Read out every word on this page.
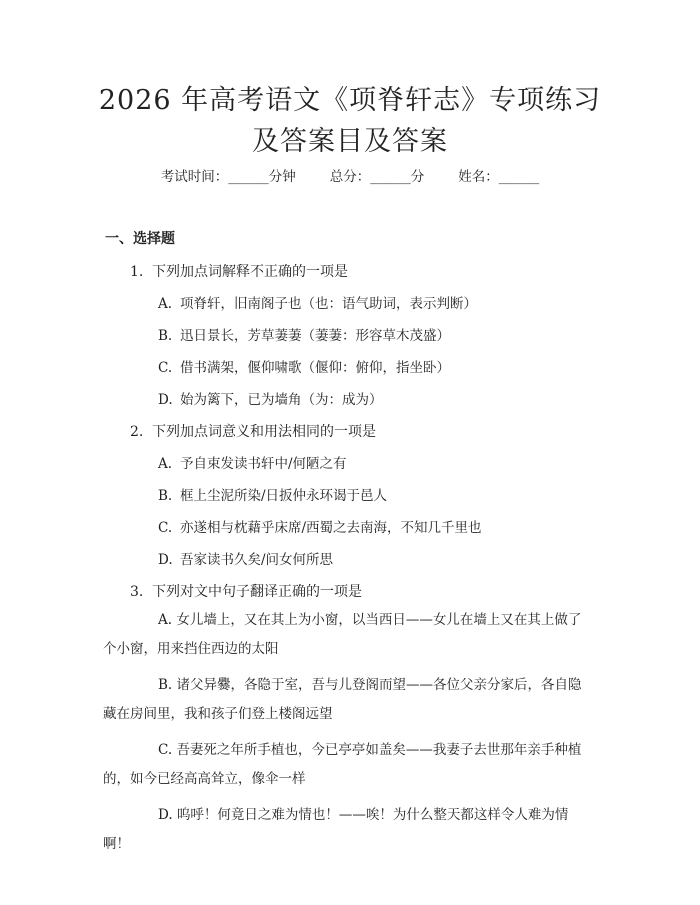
2026 年高考语文《项脊轩志》专项练习及答案目及答案
考试时间：______分钟	总分：______分	姓名：______
一、选择题
1. 下列加点词解释不正确的一项是
A. 项脊轩，旧南阁子也（也：语气助词，表示判断）
B. 迅日景长，芳草萋萋（萋萋：形容草木茂盛）
C. 借书满架，偃仰啸歌（偃仰：俯仰，指坐卧）
D. 始为篱下，已为墙角（为：成为）
2. 下列加点词意义和用法相同的一项是
A. 予自束发读书轩中/何陋之有
B. 框上尘泥所染/日扳仲永环谒于邑人
C. 亦遂相与枕藉乎床席/西蜀之去南海，不知几千里也
D. 吾家读书久矣/问女何所思
3. 下列对文中句子翻译正确的一项是

A. 女儿墙上，又在其上为小窗，以当西日——女儿在墙上又在其上做了个小窗，用来挡住西边的太阳

B. 诸父异爨，各隐于室，吾与儿登阁而望——各位父亲分家后，各自隐藏在房间里，我和孩子们登上楼阁远望

C. 吾妻死之年所手植也，今已亭亭如盖矣——我妻子去世那年亲手种植的，如今已经高高耸立，像伞一样

D. 呜呼！何竟日之难为情也！——唉！为什么整天都这样令人难为情啊！
